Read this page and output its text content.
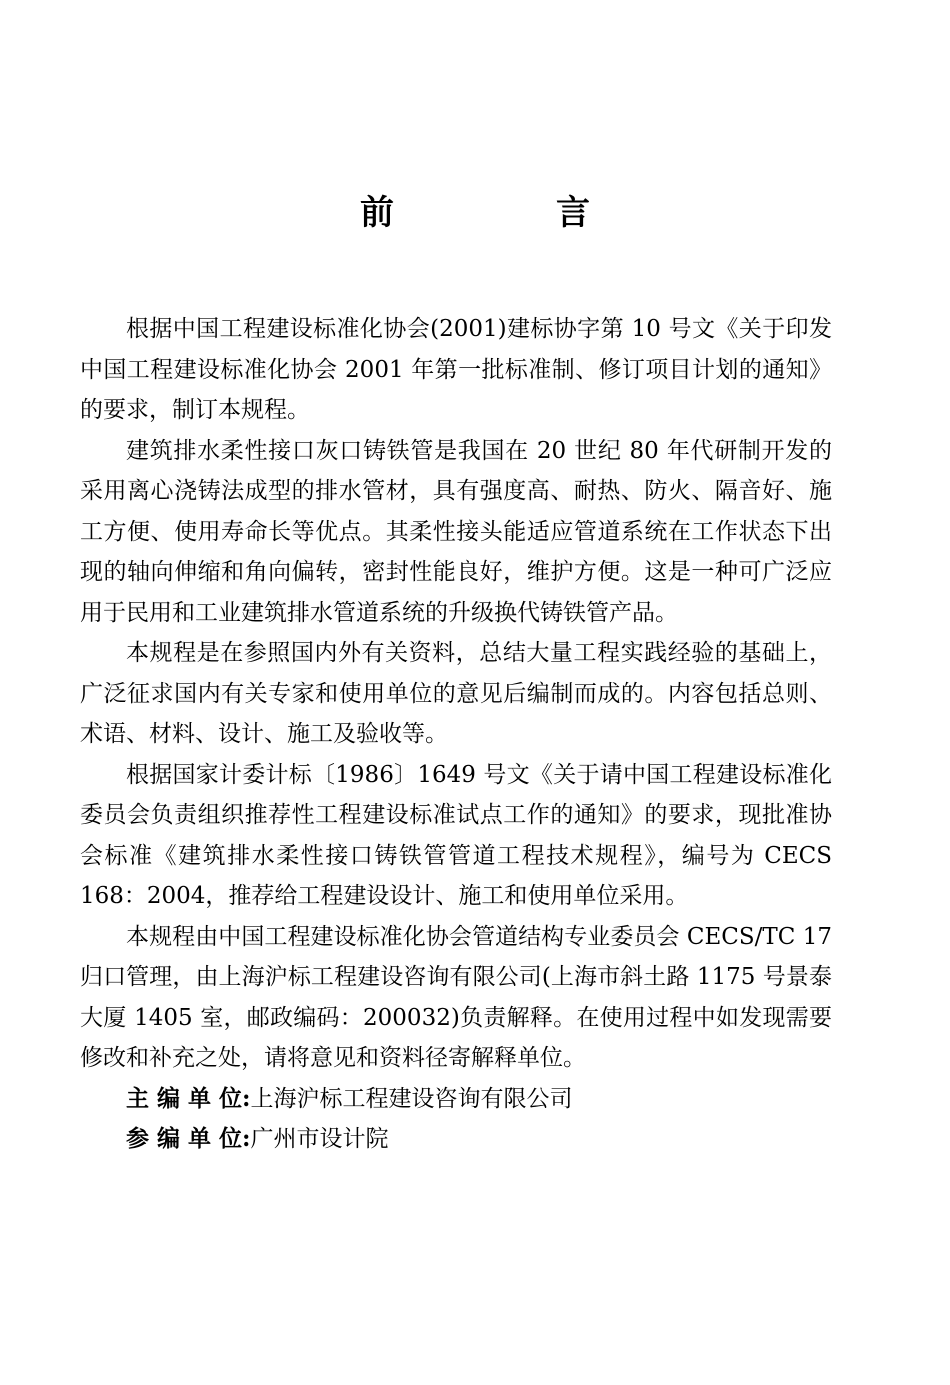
前　言

根据中国工程建设标准化协会(2001)建标协字第 10 号文《关于印发中国工程建设标准化协会 2001 年第一批标准制、修订项目计划的通知》的要求，制订本规程。

建筑排水柔性接口灰口铸铁管是我国在 20 世纪 80 年代研制开发的采用离心浇铸法成型的排水管材，具有强度高、耐热、防火、隔音好、施工方便、使用寿命长等优点。其柔性接头能适应管道系统在工作状态下出现的轴向伸缩和角向偏转，密封性能良好，维护方便。这是一种可广泛应用于民用和工业建筑排水管道系统的升级换代铸铁管产品。

本规程是在参照国内外有关资料，总结大量工程实践经验的基础上，广泛征求国内有关专家和使用单位的意见后编制而成的。内容包括总则、术语、材料、设计、施工及验收等。

根据国家计委计标〔1986〕1649 号文《关于请中国工程建设标准化委员会负责组织推荐性工程建设标准试点工作的通知》的要求，现批准协会标准《建筑排水柔性接口铸铁管管道工程技术规程》，编号为 CECS 168：2004，推荐给工程建设设计、施工和使用单位采用。

本规程由中国工程建设标准化协会管道结构专业委员会 CECS/TC 17 归口管理，由上海沪标工程建设咨询有限公司(上海市斜土路 1175 号景泰大厦 1405 室，邮政编码：200032)负责解释。在使用过程中如发现需要修改和补充之处，请将意见和资料径寄解释单位。

主 编 单 位:上海沪标工程建设咨询有限公司

参 编 单 位:广州市设计院
